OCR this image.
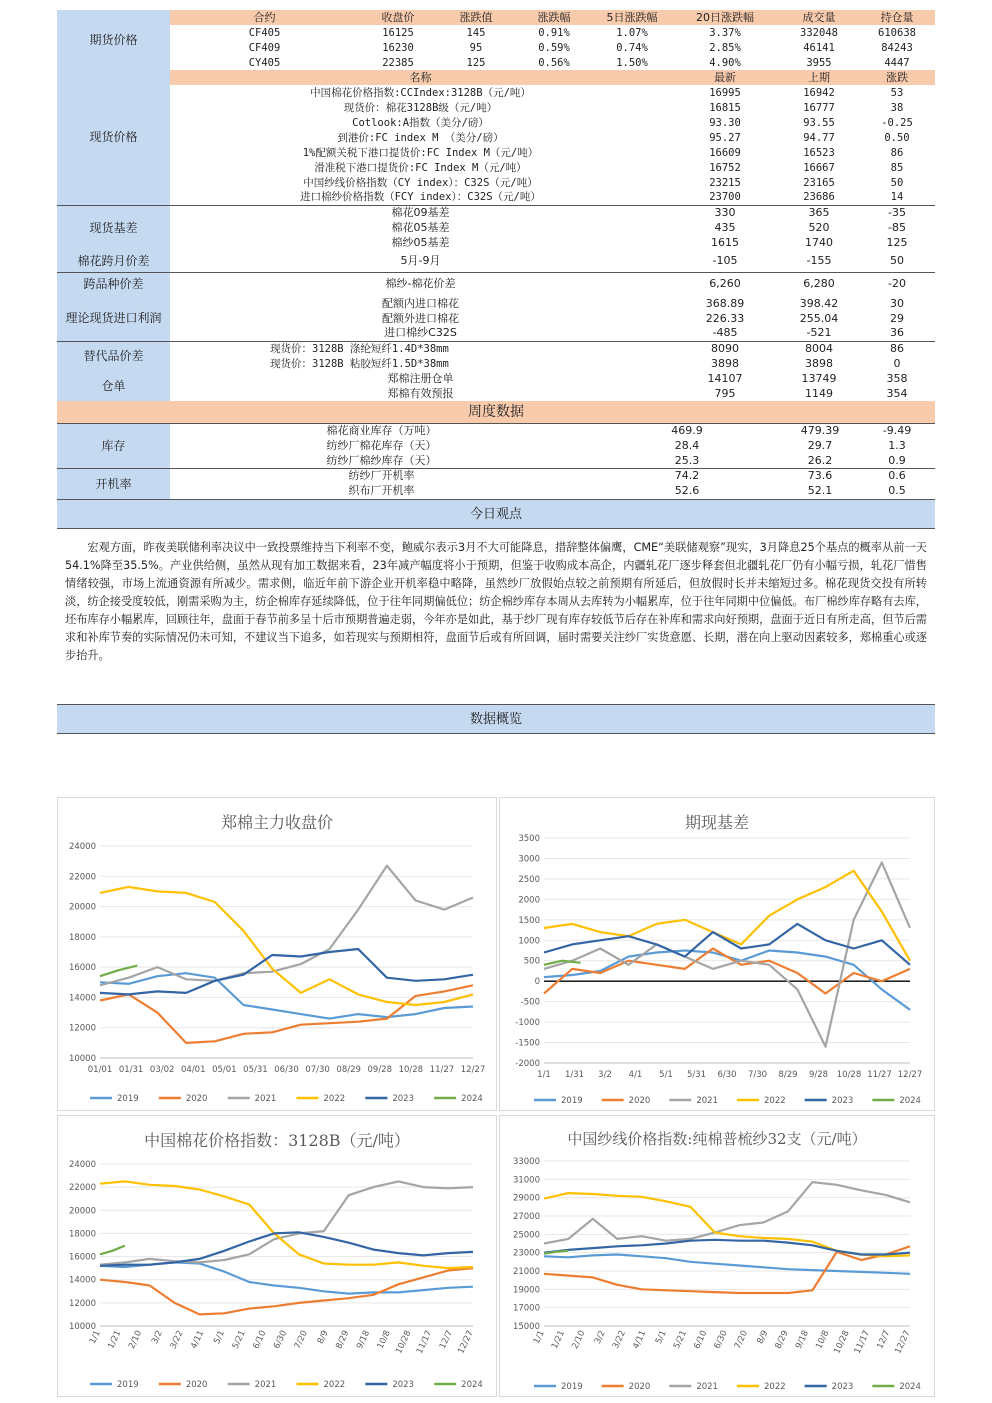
期货价格	合约	收盘价	涨跌值	涨跌幅	5日涨跌幅	20日涨跌幅	成交量	持仓量	
	CF405	16125	145	0.91%	1.07%	3.37%	332048	610638	
	CF409	16230	95	0.59%	0.74%	2.85%	46141	84243	
	CY405	22385	125	0.56%	1.50%	4.90%	3955	4447	
现货价格	名称					最新	上期	涨跌	
	中国棉花价格指数:CCIndex:3128B（元/吨）					16995	16942	53	
	现货价：棉花3128B级（元/吨）					16815	16777	38	
	Cotlook:A指数（美分/磅）					93.30	93.55	-0.25	
	到港价:FC index M （美分/磅）					95.27	94.77	0.50	
	1%配额关税下港口提货价:FC Index M（元/吨）					16609	16523	86	
	滑准税下港口提货价:FC Index M（元/吨）					16752	16667	85	
	中国纱线价格指数（CY index）：C32S（元/吨）					23215	23165	50	
	进口棉纱价格指数（FCY index）：C32S（元/吨）					23700	23686	14	
现货基差	棉花09基差					330	365	-35	
	棉花05基差					435	520	-85	
	棉纱05基差					1615	1740	125	
棉花跨月价差	5月-9月					-105	-155	50	
跨品种价差	棉纱-棉花价差					6,260	6,280	-20	
理论现货进口利润	配额内进口棉花					368.89	398.42	30	
	配额外进口棉花					226.33	255.04	29	
	进口棉纱C32S					-485	-521	36	
替代品价差	现货价：3128B 涤纶短纤1.4D*38mm					8090	8004	86	
	现货价：3128B 粘胶短纤1.5D*38mm					3898	3898	0	
仓单	郑棉注册仓单					14107	13749	358	
	郑棉有效预报					795	1149	354	
周度数据
库存	棉花商业库存（万吨）	469.9	479.39	-9.49
	纺纱厂棉花库存（天）	28.4	29.7	1.3
	纺纱厂棉纱库存（天）	25.3	26.2	0.9
开机率	纺纱厂开机率	74.2	73.6	0.6
	织布厂开机率	52.6	52.1	0.5
今日观点
宏观方面，昨夜美联储利率决议中一致投票维持当下利率不变，鲍威尔表示3月不大可能降息，措辞整体偏鹰，CME“美联储观察”现实，3月降息25个基点的概率从前一天54.1%降至35.5%。产业供给侧，虽然从现有加工数据来看，23年减产幅度将小于预期，但鉴于收购成本高企，内疆轧花厂逐步释套但北疆轧花厂仍有小幅亏损，轧花厂惜售情绪较强，市场上流通资源有所减少。需求侧，临近年前下游企业开机率稳中略降，虽然纱厂放假始点较之前预期有所延后，但放假时长并未缩短过多。棉花现货交投有所转淡，纺企接受度较低，刚需采购为主，纺企棉库存延续降低，位于往年同期偏低位；纺企棉纱库存本周从去库转为小幅累库，位于往年同期中位偏低。布厂棉纱库存略有去库，坯布库存小幅累库，回顾往年，盘面于春节前多呈十后市预期普遍走弱，今年亦是如此，基于纱厂现有库存较低节后存在补库和需求向好预期，盘面于近日有所走高，但节后需求和补库节奏的实际情况仍未可知，不建议当下追多，如若现实与预期相符，盘面节后或有所回调，届时需要关注纱厂实货意愿、长期，潜在向上驱动因素较多，郑棉重心或逐步抬升。
数据概览
郑棉主力收盘价
10000
12000
14000
16000
18000
20000
22000
24000
01/01 01/31 03/02 04/01 05/01 05/31 06/30 07/30 08/29 09/28 10/28 11/27 12/27
2019	2020	2021	2022	2023	2024
期现基差
-2000
-1500
-1000
-500
0
500
1000
1500
2000
2500
3000
3500
1/1 1/31 3/2 4/1 5/1 5/31 6/30 7/30 8/29 9/28 10/28 11/27 12/27
2019	2020	2021	2022	2023	2024
中国棉花价格指数：3128B（元/吨）
10000
12000
14000
16000
18000
20000
22000
24000
1/1 1/21 2/10 3/2 3/22 4/11 5/1 5/21 6/10 6/30 7/20 8/9 8/29 9/18 10/8 10/28 11/17 12/7 12/27
2019	2020	2021	2022	2023	2024
中国纱线价格指数:纯棉普梳纱32支（元/吨）
15000
17000
19000
21000
23000
25000
27000
29000
31000
33000
1/1 1/21 2/10 3/2 3/22 4/11 5/1 5/21 6/10 6/30 7/20 8/9 8/29 9/18 10/8 10/28 11/17 12/7 12/27
2019	2020	2021	2022	2023	2024
